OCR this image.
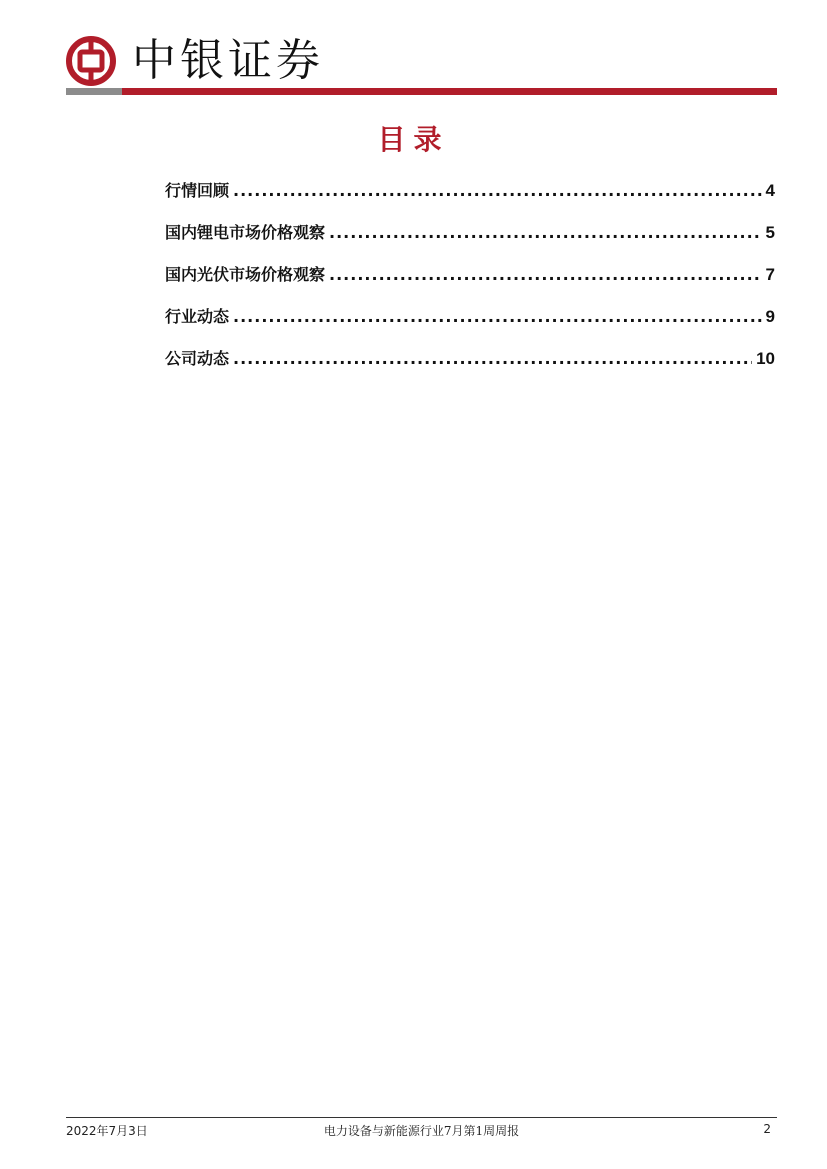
中银证券
目录
行情回顾 .....	4
国内锂电市场价格观察 .....	5
国内光伏市场价格观察 .....	7
行业动态 .....	9
公司动态 .....	10
2022年7月3日	电力设备与新能源行业7月第1周周报	2
